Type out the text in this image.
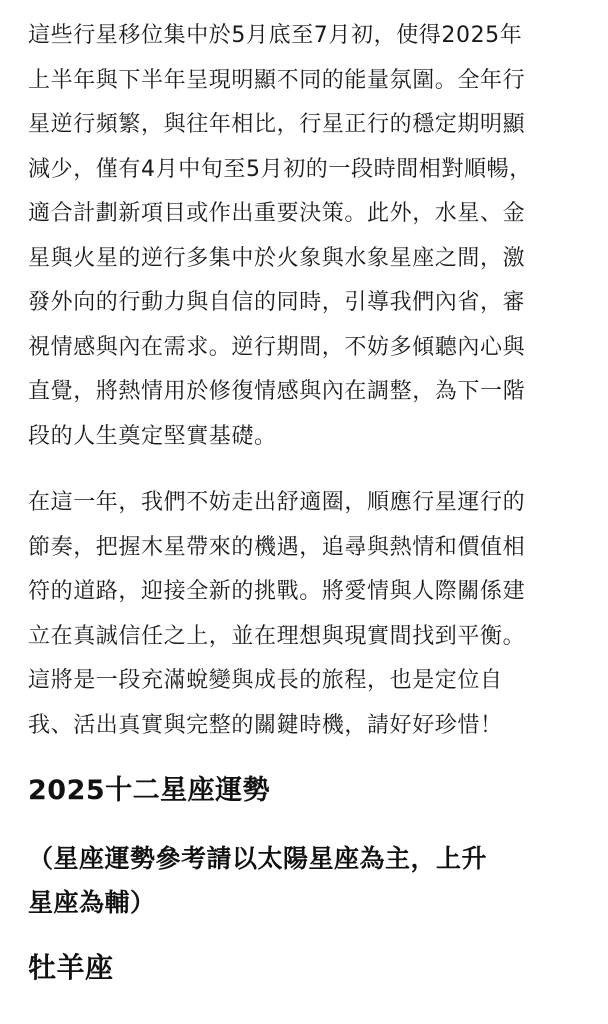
這些行星移位集中於5月底至7月初，使得2025年
上半年與下半年呈現明顯不同的能量氛圍。全年行
星逆行頻繁，與往年相比，行星正行的穩定期明顯
減少，僅有4月中旬至5月初的一段時間相對順暢，
適合計劃新項目或作出重要決策。此外，水星、金
星與火星的逆行多集中於火象與水象星座之間，激
發外向的行動力與自信的同時，引導我們內省，審
視情感與內在需求。逆行期間，不妨多傾聽內心與
直覺，將熱情用於修復情感與內在調整，為下一階
段的人生奠定堅實基礎。

在這一年，我們不妨走出舒適圈，順應行星運行的
節奏，把握木星帶來的機遇，追尋與熱情和價值相
符的道路，迎接全新的挑戰。將愛情與人際關係建
立在真誠信任之上，並在理想與現實間找到平衡。
這將是一段充滿蛻變與成長的旅程，也是定位自
我、活出真實與完整的關鍵時機，請好好珍惜！

2025十二星座運勢
（星座運勢參考請以太陽星座為主，上升
星座為輔）
牡羊座
